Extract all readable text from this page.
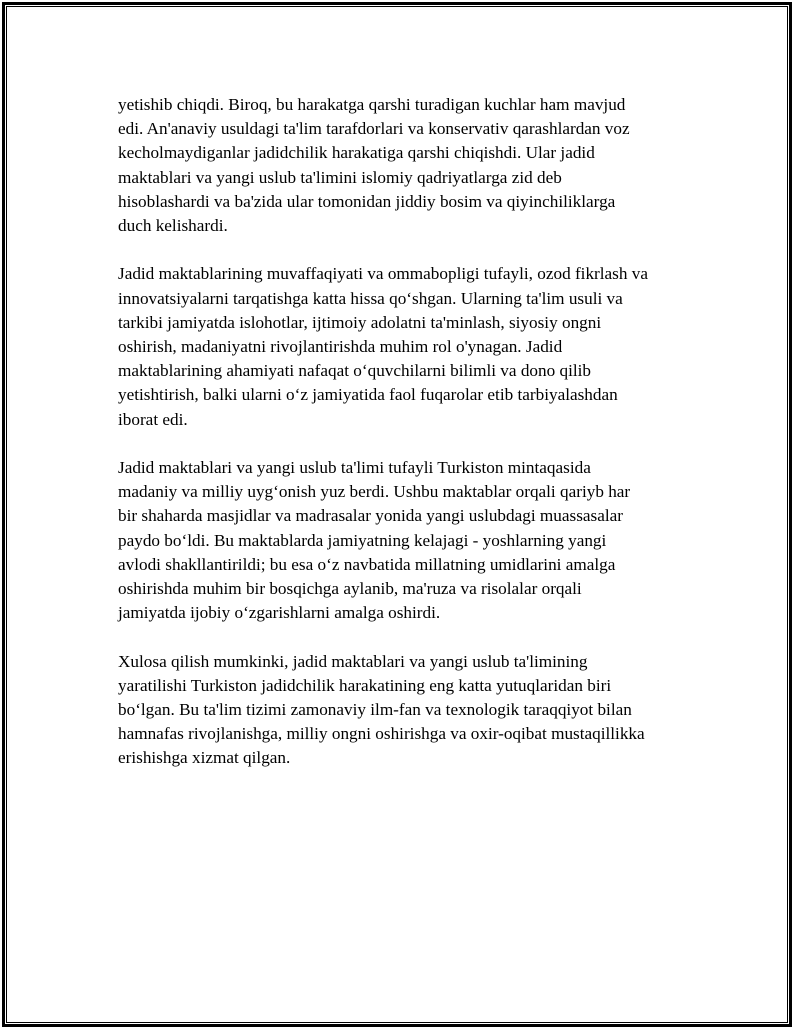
yetishib chiqdi. Biroq, bu harakatga qarshi turadigan kuchlar ham mavjud
edi. An'anaviy usuldagi ta'lim tarafdorlari va konservativ qarashlardan voz
kecholmaydiganlar jadidchilik harakatiga qarshi chiqishdi. Ular jadid
maktablari va yangi uslub ta'limini islomiy qadriyatlarga zid deb
hisoblashardi va ba'zida ular tomonidan jiddiy bosim va qiyinchiliklarga
duch kelishardi.

Jadid maktablarining muvaffaqiyati va ommabopligi tufayli, ozod fikrlash va
innovatsiyalarni tarqatishga katta hissa qo‘shgan. Ularning ta'lim usuli va
tarkibi jamiyatda islohotlar, ijtimoiy adolatni ta'minlash, siyosiy ongni
oshirish, madaniyatni rivojlantirishda muhim rol o'ynagan. Jadid
maktablarining ahamiyati nafaqat o‘quvchilarni bilimli va dono qilib
yetishtirish, balki ularni o‘z jamiyatida faol fuqarolar etib tarbiyalashdan
iborat edi.

Jadid maktablari va yangi uslub ta'limi tufayli Turkiston mintaqasida
madaniy va milliy uyg‘onish yuz berdi. Ushbu maktablar orqali qariyb har
bir shaharda masjidlar va madrasalar yonida yangi uslubdagi muassasalar
paydo bo‘ldi. Bu maktablarda jamiyatning kelajagi - yoshlarning yangi
avlodi shakllantirildi; bu esa o‘z navbatida millatning umidlarini amalga
oshirishda muhim bir bosqichga aylanib, ma'ruza va risolalar orqali
jamiyatda ijobiy o‘zgarishlarni amalga oshirdi.

Xulosa qilish mumkinki, jadid maktablari va yangi uslub ta'limining
yaratilishi Turkiston jadidchilik harakatining eng katta yutuqlaridan biri
bo‘lgan. Bu ta'lim tizimi zamonaviy ilm-fan va texnologik taraqqiyot bilan
hamnafas rivojlanishga, milliy ongni oshirishga va oxir-oqibat mustaqillikka
erishishga xizmat qilgan.
